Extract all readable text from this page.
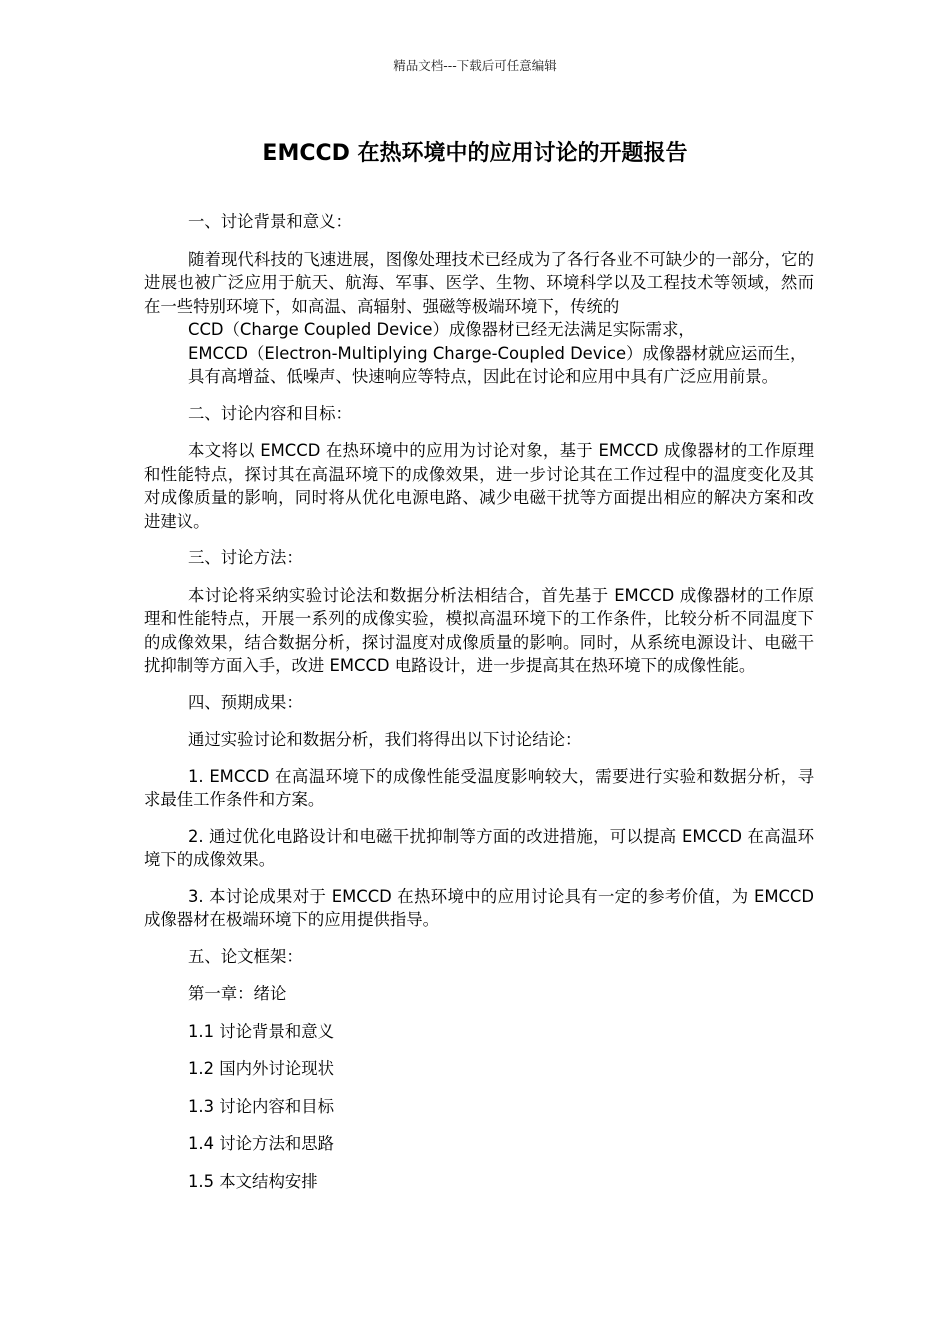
精品文档---下载后可任意编辑
EMCCD 在热环境中的应用讨论的开题报告

一、讨论背景和意义：

随着现代科技的飞速进展，图像处理技术已经成为了各行各业不可缺少的一部分，它的进展也被广泛应用于航天、航海、军事、医学、生物、环境科学以及工程技术等领域，然而在一些特别环境下，如高温、高辐射、强磁等极端环境下，传统的
CCD（Charge Coupled Device）成像器材已经无法满足实际需求，
EMCCD（Electron-Multiplying Charge-Coupled Device）成像器材就应运而生，
具有高增益、低噪声、快速响应等特点，因此在讨论和应用中具有广泛应用前景。

二、讨论内容和目标：

本文将以 EMCCD 在热环境中的应用为讨论对象，基于 EMCCD 成像器材的工作原理和性能特点，探讨其在高温环境下的成像效果，进一步讨论其在工作过程中的温度变化及其对成像质量的影响，同时将从优化电源电路、减少电磁干扰等方面提出相应的解决方案和改进建议。

三、讨论方法：

本讨论将采纳实验讨论法和数据分析法相结合，首先基于 EMCCD 成像器材的工作原理和性能特点，开展一系列的成像实验，模拟高温环境下的工作条件，比较分析不同温度下的成像效果，结合数据分析，探讨温度对成像质量的影响。同时，从系统电源设计、电磁干扰抑制等方面入手，改进 EMCCD 电路设计，进一步提高其在热环境下的成像性能。

四、预期成果：

通过实验讨论和数据分析，我们将得出以下讨论结论：

1. EMCCD 在高温环境下的成像性能受温度影响较大，需要进行实验和数据分析，寻求最佳工作条件和方案。

2. 通过优化电路设计和电磁干扰抑制等方面的改进措施，可以提高 EMCCD 在高温环境下的成像效果。

3. 本讨论成果对于 EMCCD 在热环境中的应用讨论具有一定的参考价值，为 EMCCD 成像器材在极端环境下的应用提供指导。

五、论文框架：

第一章：绪论

1.1 讨论背景和意义

1.2 国内外讨论现状

1.3 讨论内容和目标

1.4 讨论方法和思路

1.5 本文结构安排
